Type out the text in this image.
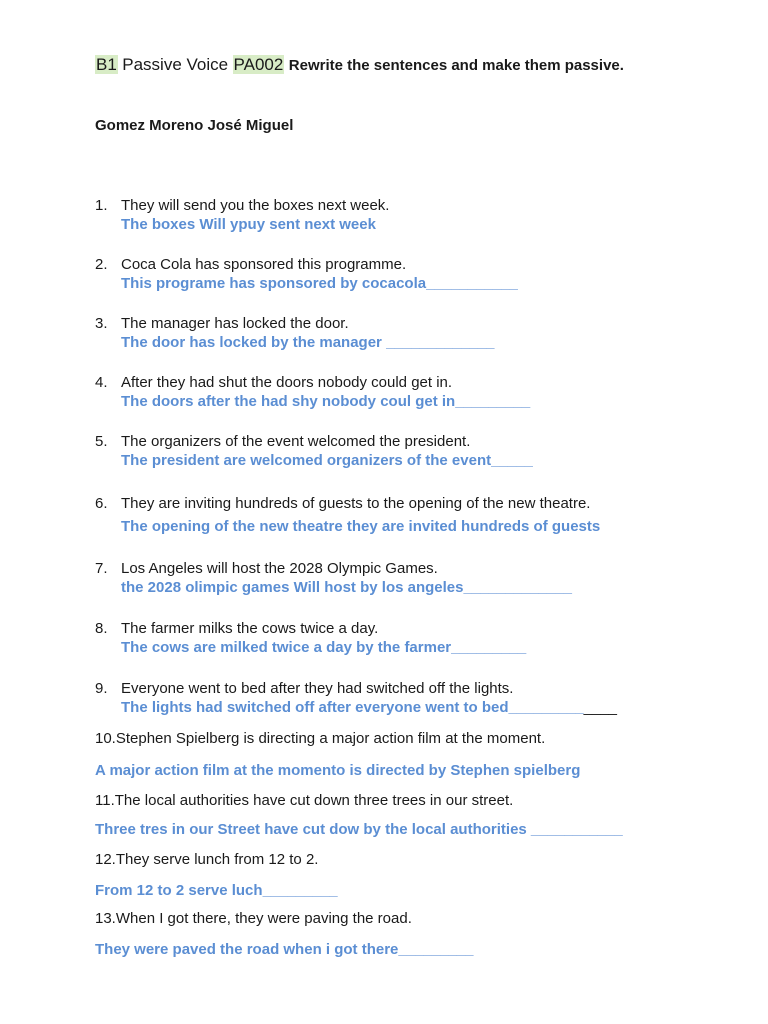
B1 Passive Voice PA002 Rewrite the sentences and make them passive.
Gomez Moreno José Miguel
1. They will send you the boxes next week.
The boxes Will ypuy sent next week
2. Coca Cola has sponsored this programme.
This programe has sponsored by cocacola___________
3. The manager has locked the door.
The door has locked by the manager _____________
4. After they had shut the doors nobody could get in.
The doors after the had shy nobody coul get in_________
5. The organizers of the event welcomed the president.
The president are welcomed organizers of the event_____
6. They are inviting hundreds of guests to the opening of the new theatre.
The opening of the new theatre they are invited hundreds of guests
7. Los Angeles will host the 2028 Olympic Games.
the 2028 olimpic games Will host by los angeles_____________
8. The farmer milks the cows twice a day.
The cows are milked twice a day by the farmer_________
9. Everyone went to bed after they had switched off the lights.
The lights had switched off after everyone went to bed_____________
10.Stephen Spielberg is directing a major action film at the moment.
A major action film at the momento is directed by Stephen spielberg
11.The local authorities have cut down three trees in our street.
Three tres in our Street have cut dow by the local authorities ___________
12.They serve lunch from 12 to 2.
From 12 to 2 serve luch_________
13.When I got there, they were paving the road.
They were paved the road when i got there_________
